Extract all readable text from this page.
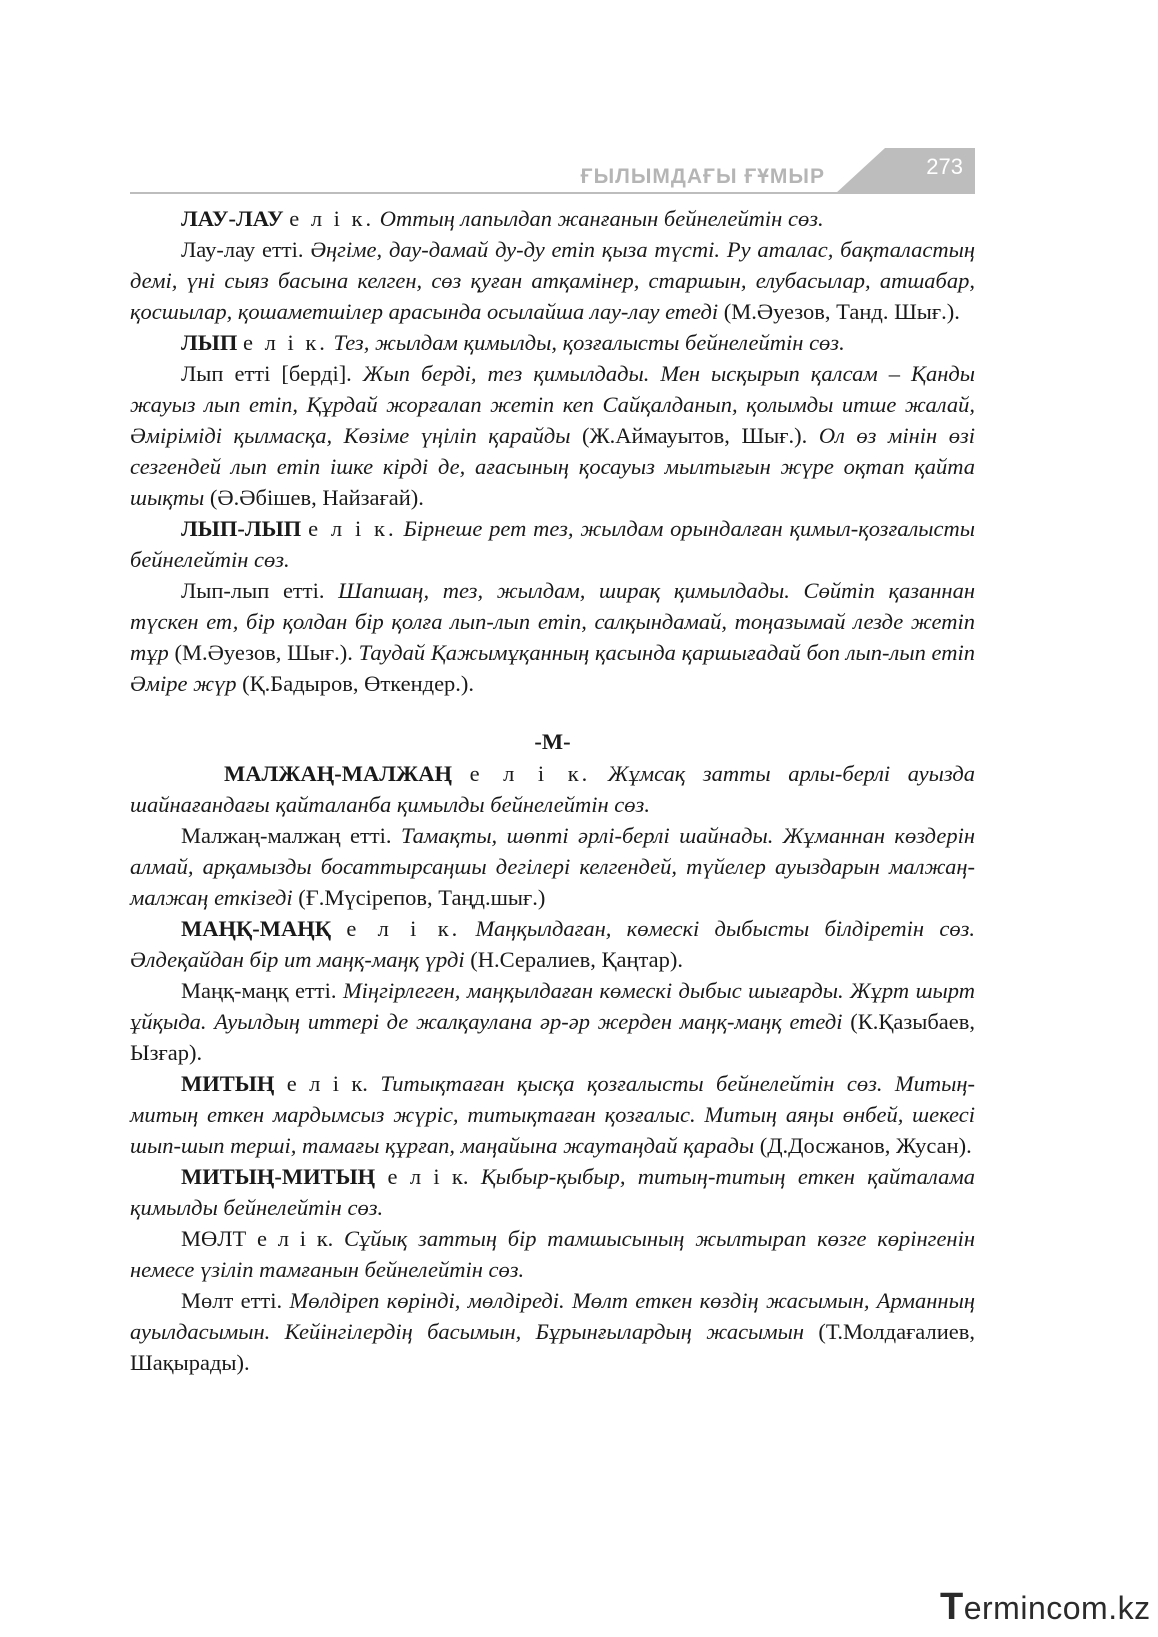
ҒЫЛЫМДАҒЫ ҒҰМЫР	273

ЛАУ-ЛАУ е л і к. Оттың лапылдап жанғанын бейнелейтін сөз.

Лау-лау етті. Әңгіме, дау-дамай ду-ду етіп қыза түсті. Ру аталас, бақталастың демі, үні сыяз басына келген, сөз қуған атқамінер, старшын, елубасылар, атшабар, қосшылар, қошаметшілер арасында осылайша лау-лау етеді (М.Әуезов, Танд. Шығ.).

ЛЫП е л і к. Тез, жылдам қимылды, қозғалысты бейнелейтін сөз.

Лып етті [берді]. Жып берді, тез қимылдады. Мен ысқырып қалсам – Қанды жауыз лып етіп, Құрдай жорғалап жетіп кеп Сайқалданып, қолымды итше жалай, Әміріміді қылмасқа, Көзіме үңіліп қарайды (Ж.Аймауытов, Шығ.). Ол өз мінін өзі сезгендей лып етіп ішке кірді де, ағасының қосауыз мылтығын жүре оқтап қайта шықты (Ә.Әбішев, Найзағай).

ЛЫП-ЛЫП е л і к. Бірнеше рет тез, жылдам орындалған қимыл-қозғалысты бейнелейтін сөз.

Лып-лып етті. Шапшаң, тез, жылдам, ширақ қимылдады. Сөйтіп қазаннан түскен ет, бір қолдан бір қолға лып-лып етіп, салқындамай, тоңазымай лезде жетіп тұр (М.Әуезов, Шығ.). Таудай Қажымұқанның қасында қаршығадай боп лып-лып етіп Әміре жүр (Қ.Бадыров, Өткендер.).

-М-

МАЛЖАҢ-МАЛЖАҢ е л і к. Жұмсақ затты арлы-берлі ауызда шайнағандағы қайталанба қимылды бейнелейтін сөз.

Малжаң-малжаң етті. Тамақты, шөпті әрлі-берлі шайнады. Жұманнан көздерін алмай, арқамызды босаттырсаңшы дегілері келгендей, түйелер ауыздарын малжаң-малжаң еткізеді (Ғ.Мүсірепов, Таңд.шығ.)

МАҢҚ-МАҢҚ е л і к. Маңқылдаған, көмескі дыбысты білдіретін сөз. Әлдеқайдан бір ит маңқ-маңқ үрді (Н.Сералиев, Қаңтар).

Маңқ-маңқ етті. Міңгірлеген, маңқылдаған көмескі дыбыс шығарды. Жұрт шырт ұйқыда. Ауылдың иттері де жалқаулана әр-әр жерден маңқ-маңқ етеді (К.Қазыбаев, Ызғар).

МИТЫҢ е л і к. Титықтаған қысқа қозғалысты бейнелейтін сөз. Митың-митың еткен мардымсыз жүріс, титықтаған қозғалыс. Митың аяңы өнбей, шекесі шып-шып терші, тамағы құрғап, маңайына жаутаңдай қарады (Д.Досжанов, Жусан).

МИТЫҢ-МИТЫҢ е л і к. Қыбыр-қыбыр, титың-титың еткен қайталама қимылды бейнелейтін сөз.

МӨЛТ е л і к. Сұйық заттың бір тамшысының жылтырап көзге көрінгенін немесе үзіліп тамғанын бейнелейтін сөз.

Мөлт етті. Мөлдіреп көрінді, мөлдіреді. Мөлт еткен көздің жасымын, Арманның ауылдасымын. Кейінгілердің басымын, Бұрынғылардың жасымын (Т.Молдағалиев, Шақырады).

Termincоm.kz
